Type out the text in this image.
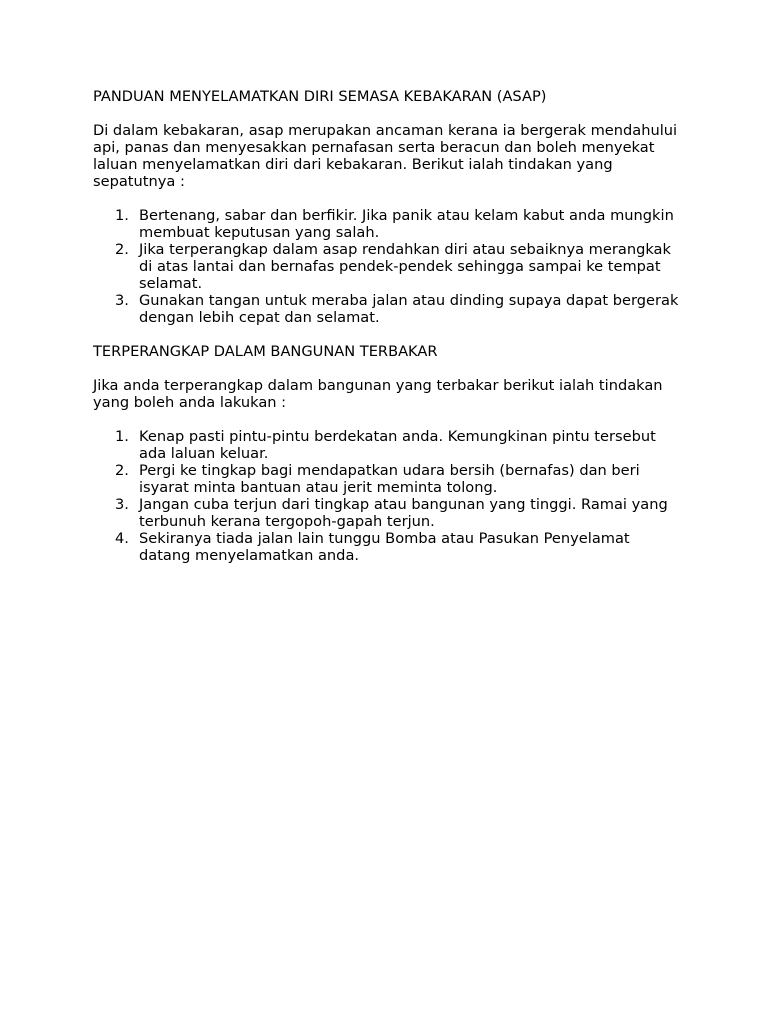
PANDUAN MENYELAMATKAN DIRI SEMASA KEBAKARAN (ASAP)

Di dalam kebakaran, asap merupakan ancaman kerana ia bergerak mendahului api, panas dan menyesakkan pernafasan serta beracun dan boleh menyekat laluan menyelamatkan diri dari kebakaran. Berikut ialah tindakan yang sepatutnya :

1. Bertenang, sabar dan berfikir. Jika panik atau kelam kabut anda mungkin membuat keputusan yang salah.
2. Jika terperangkap dalam asap rendahkan diri atau sebaiknya merangkak di atas lantai dan bernafas pendek-pendek sehingga sampai ke tempat selamat.
3. Gunakan tangan untuk meraba jalan atau dinding supaya dapat bergerak dengan lebih cepat dan selamat.

TERPERANGKAP DALAM BANGUNAN TERBAKAR

Jika anda terperangkap dalam bangunan yang terbakar berikut ialah tindakan yang boleh anda lakukan :

1. Kenap pasti pintu-pintu berdekatan anda. Kemungkinan pintu tersebut ada laluan keluar.
2. Pergi ke tingkap bagi mendapatkan udara bersih (bernafas) dan beri isyarat minta bantuan atau jerit meminta tolong.
3. Jangan cuba terjun dari tingkap atau bangunan yang tinggi. Ramai yang terbunuh kerana tergopoh-gapah terjun.
4. Sekiranya tiada jalan lain tunggu Bomba atau Pasukan Penyelamat datang menyelamatkan anda.
